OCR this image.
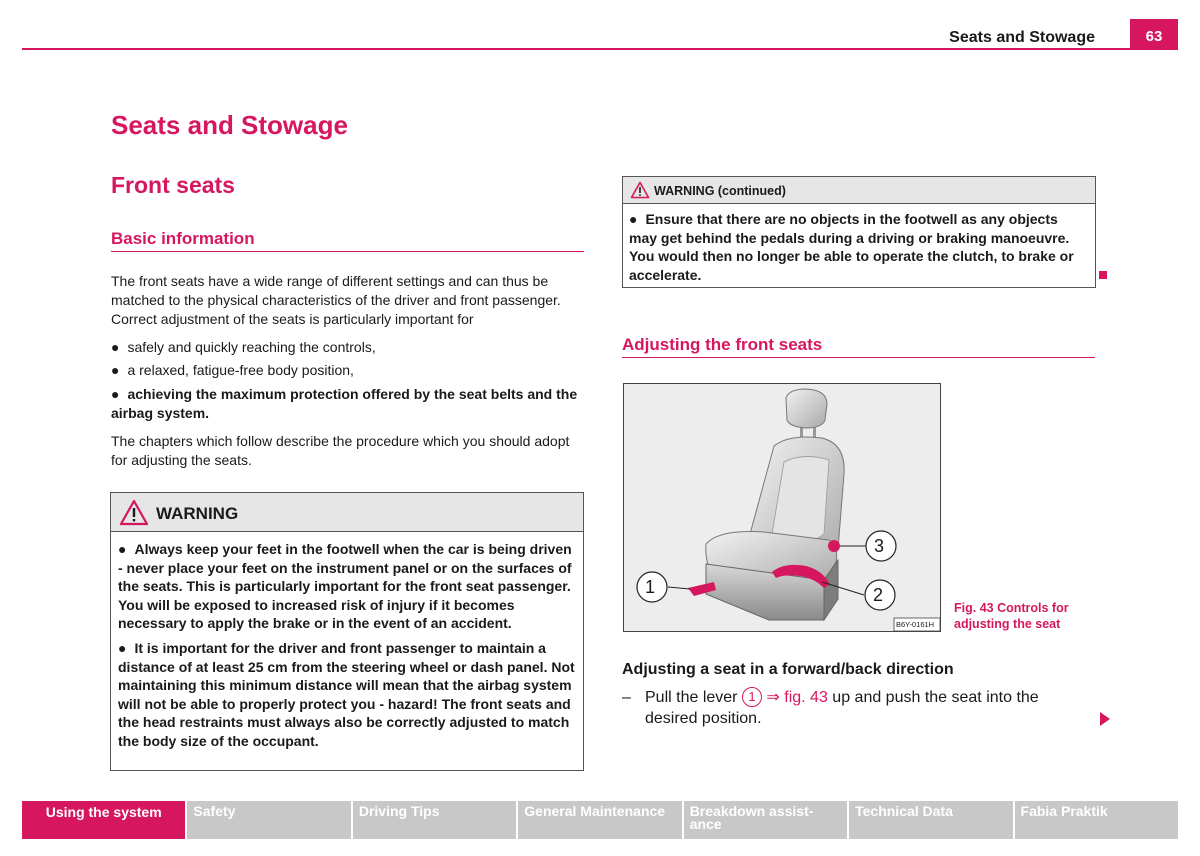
Seats and Stowage	63
Seats and Stowage
Front seats
Basic information
The front seats have a wide range of different settings and can thus be matched to the physical characteristics of the driver and front passenger. Correct adjustment of the seats is particularly important for
● safely and quickly reaching the controls,
● a relaxed, fatigue-free body position,
● achieving the maximum protection offered by the seat belts and the airbag system.
The chapters which follow describe the procedure which you should adopt for adjusting the seats.
WARNING

● Always keep your feet in the footwell when the car is being driven - never place your feet on the instrument panel or on the surfaces of the seats. This is particularly important for the front seat passenger. You will be exposed to increased risk of injury if it becomes necessary to apply the brake or in the event of an accident.

● It is important for the driver and front passenger to maintain a distance of at least 25 cm from the steering wheel or dash panel. Not maintaining this minimum distance will mean that the airbag system will not be able to properly protect you - hazard! The front seats and the head restraints must always also be correctly adjusted to match the body size of the occupant.

WARNING (continued)
● Ensure that there are no objects in the footwell as any objects may get behind the pedals during a driving or braking manoeuvre. You would then no longer be able to operate the clutch, to brake or accelerate.
Adjusting the front seats
1	2
3
B6Y-0161H
Fig. 43 Controls for
adjusting the seat
Adjusting a seat in a forward/back direction
– Pull the lever 1 ⇒ fig. 43 up and push the seat into the desired position.
Using the system	Safety	Driving Tips	General Maintenance	Breakdown assist-ance
Technical Data	Fabia Praktik
